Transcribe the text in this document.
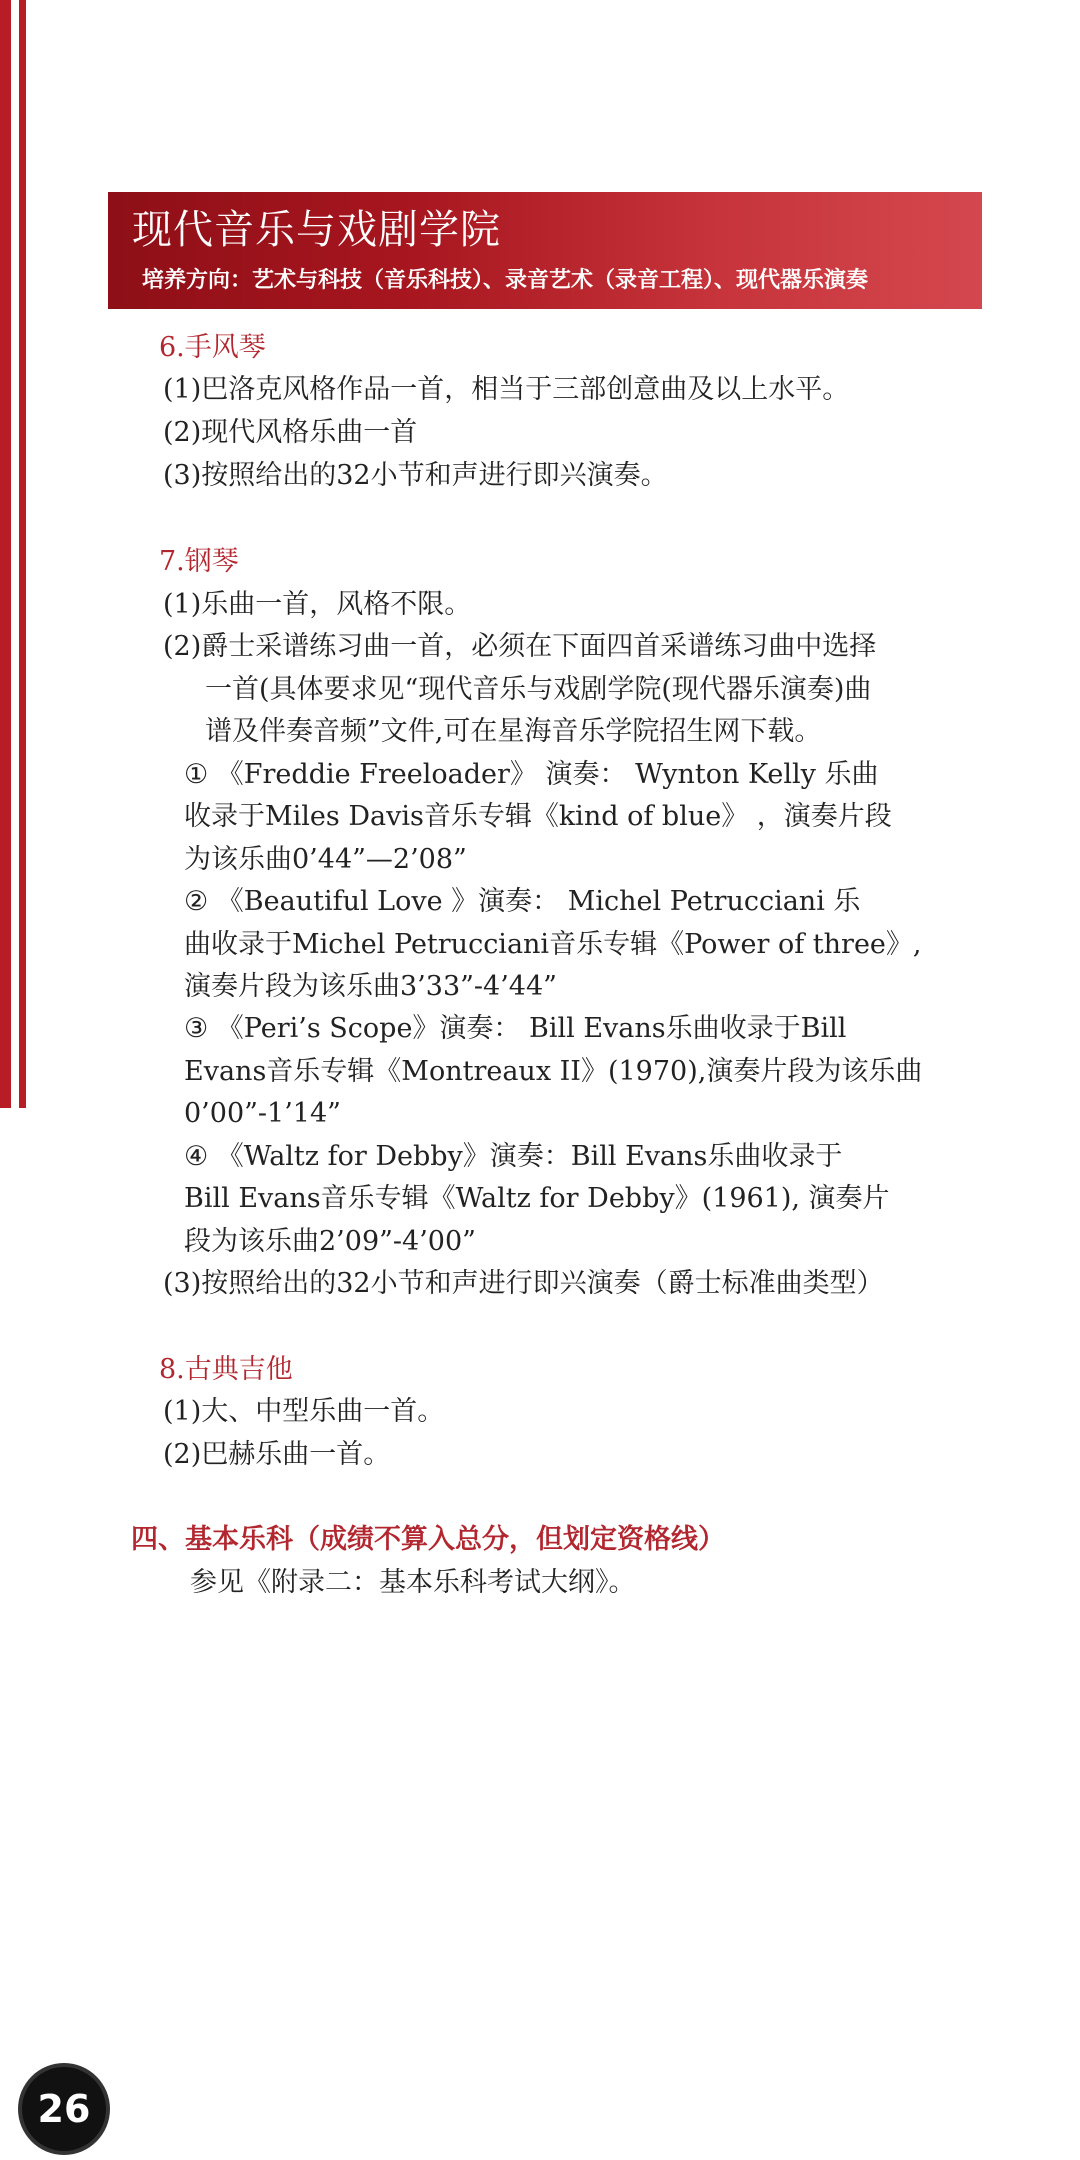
现代音乐与戏剧学院
培养方向：艺术与科技（音乐科技）、录音艺术（录音工程）、现代器乐演奏
6.手风琴
(1)巴洛克风格作品一首，相当于三部创意曲及以上水平。
(2)现代风格乐曲一首
(3)按照给出的32小节和声进行即兴演奏。
7.钢琴
(1)乐曲一首，风格不限。
(2)爵士采谱练习曲一首，必须在下面四首采谱练习曲中选择
一首(具体要求见“现代音乐与戏剧学院(现代器乐演奏)曲
谱及伴奏音频”文件,可在星海音乐学院招生网下载。
① 《Freddie Freeloader》 演奏： Wynton Kelly 乐曲
收录于Miles Davis音乐专辑《kind of blue》 ，演奏片段
为该乐曲0’44”—2’08”
② 《Beautiful Love 》演奏： Michel Petrucciani 乐
曲收录于Michel Petrucciani音乐专辑《Power of three》,
演奏片段为该乐曲3’33”-4’44”
③ 《Peri’s Scope》演奏： Bill Evans乐曲收录于Bill
Evans音乐专辑《Montreaux II》(1970),演奏片段为该乐曲
0’00”-1’14”
④ 《Waltz for Debby》演奏：Bill Evans乐曲收录于
Bill Evans音乐专辑《Waltz for Debby》(1961), 演奏片
段为该乐曲2’09”-4’00”
(3)按照给出的32小节和声进行即兴演奏（爵士标准曲类型）
8.古典吉他
(1)大、中型乐曲一首。
(2)巴赫乐曲一首。
四、基本乐科（成绩不算入总分，但划定资格线）
参见《附录二：基本乐科考试大纲》。
26
